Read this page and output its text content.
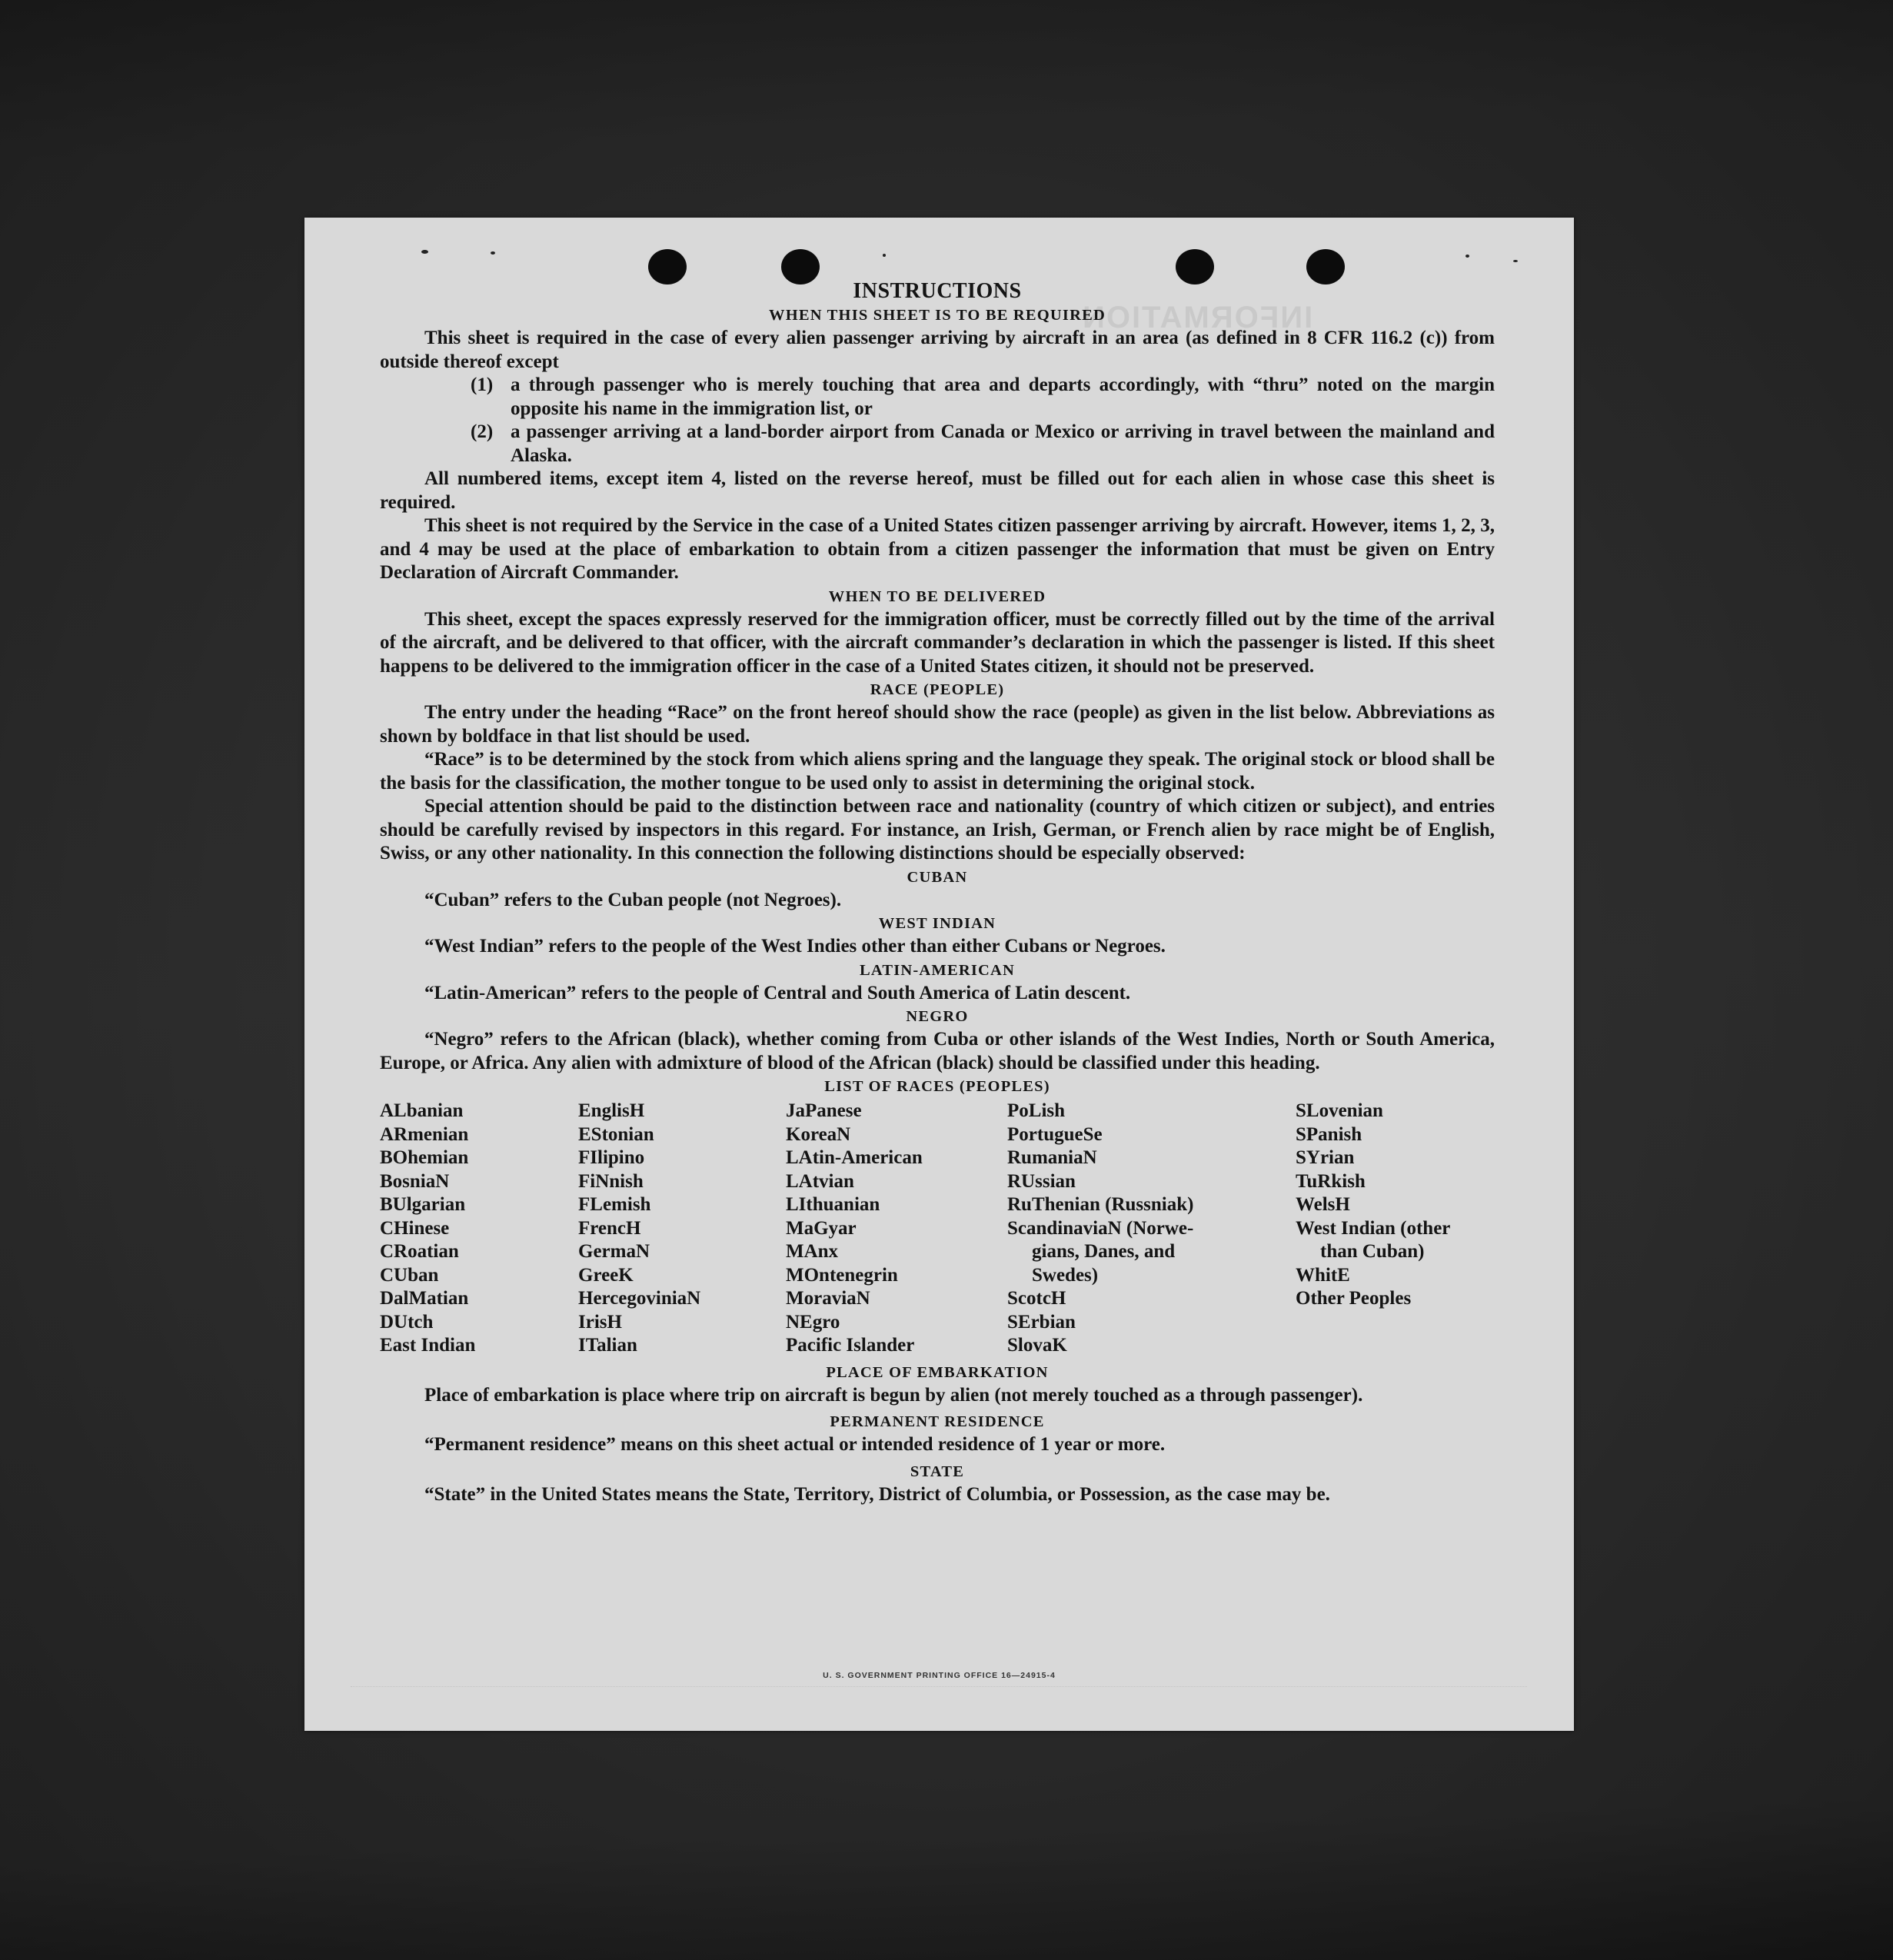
INFORMATION
INSTRUCTIONS
WHEN THIS SHEET IS TO BE REQUIRED

This sheet is required in the case of every alien passenger arriving by aircraft in an area (as defined in 8 CFR 116.2 (c)) from outside thereof except

(1) a through passenger who is merely touching that area and departs accordingly, with “thru” noted on the margin opposite his name in the immigration list, or
(2) a passenger arriving at a land-border airport from Canada or Mexico or arriving in travel between the mainland and Alaska.

All numbered items, except item 4, listed on the reverse hereof, must be filled out for each alien in whose case this sheet is required.

This sheet is not required by the Service in the case of a United States citizen passenger arriving by aircraft. However, items 1, 2, 3, and 4 may be used at the place of embarkation to obtain from a citizen passenger the information that must be given on Entry Declaration of Aircraft Commander.

WHEN TO BE DELIVERED

This sheet, except the spaces expressly reserved for the immigration officer, must be correctly filled out by the time of the arrival of the aircraft, and be delivered to that officer, with the aircraft commander’s declaration in which the passenger is listed. If this sheet happens to be delivered to the immigration officer in the case of a United States citizen, it should not be preserved.

RACE (PEOPLE)

The entry under the heading “Race” on the front hereof should show the race (people) as given in the list below. Abbreviations as shown by boldface in that list should be used.

“Race” is to be determined by the stock from which aliens spring and the language they speak. The original stock or blood shall be the basis for the classification, the mother tongue to be used only to assist in determining the original stock.

Special attention should be paid to the distinction between race and nationality (country of which citizen or subject), and entries should be carefully revised by inspectors in this regard. For instance, an Irish, German, or French alien by race might be of English, Swiss, or any other nationality. In this connection the following distinctions should be especially observed:

CUBAN

“Cuban” refers to the Cuban people (not Negroes).

WEST INDIAN

“West Indian” refers to the people of the West Indies other than either Cubans or Negroes.

LATIN-AMERICAN

“Latin-American” refers to the people of Central and South America of Latin descent.

NEGRO

“Negro” refers to the African (black), whether coming from Cuba or other islands of the West Indies, North or South America, Europe, or Africa. Any alien with admixture of blood of the African (black) should be classified under this heading.

LIST OF RACES (PEOPLES)
ALbanian
ARmenian
BOhemian
BosniaN
BUlgarian
CHinese
CRoatian
CUban
DalMatian
DUtch
East Indian
EnglisH
EStonian
FIlipino
FiNnish
FLemish
FrencH
GermaN
GreeK
HercegoviniaN
IrisH
ITalian
JaPanese
KoreaN
LAtin-American
LAtvian
LIthuanian
MaGyar
MAnx
MOntenegrin
MoraviaN
NEgro
Pacific Islander
PoLish
PortugueSe
RumaniaN
RUssian
RuThenian (Russniak)
ScandinaviaN (Norwe-
gians, Danes, and
Swedes)
ScotcH
SErbian
SlovaK
SLovenian
SPanish
SYrian
TuRkish
WelsH
West Indian (other
than Cuban)
WhitE
Other Peoples
PLACE OF EMBARKATION

Place of embarkation is place where trip on aircraft is begun by alien (not merely touched as a through passenger).

PERMANENT RESIDENCE

“Permanent residence” means on this sheet actual or intended residence of 1 year or more.

STATE

“State” in the United States means the State, Territory, District of Columbia, or Possession, as the case may be.

U. S. GOVERNMENT PRINTING OFFICE 16—24915-4
